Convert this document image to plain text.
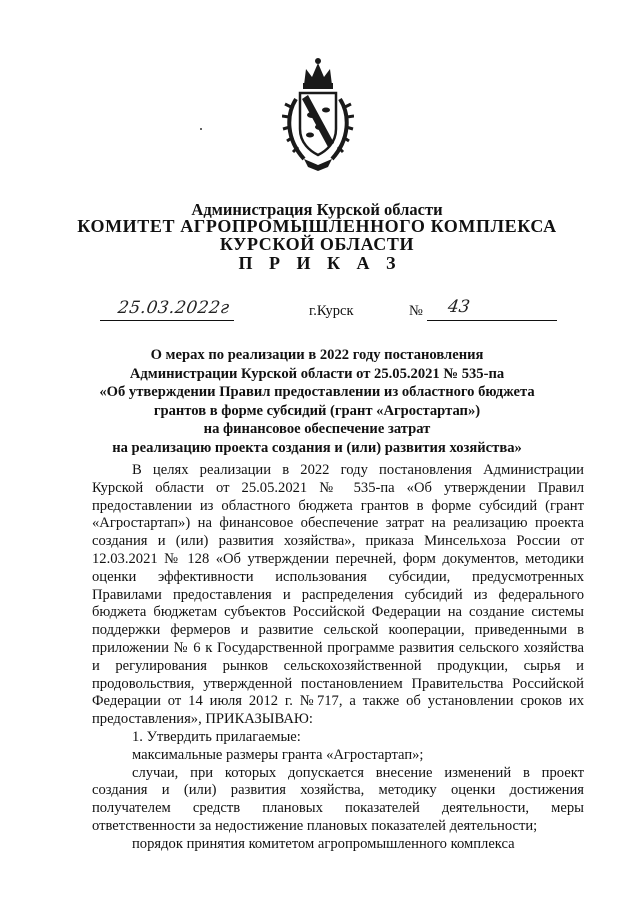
Администрация Курской области
КОМИТЕТ АГРОПРОМЫШЛЕННОГО КОМПЛЕКСА
КУРСКОЙ ОБЛАСТИ
П Р И К А З
25.03.2022г	г.Курск	№ 43
О мерах по реализации в 2022 году постановления
Администрации Курской области от 25.05.2021 № 535-па
«Об утверждении Правил предоставлении из областного бюджета
грантов в форме субсидий (грант «Агростартап»)
на финансовое обеспечение затрат
на реализацию проекта создания и (или) развития хозяйства»

В целях реализации в 2022 году постановления Администрации Курской области от 25.05.2021 № 535-па «Об утверждении Правил предоставлении из областного бюджета грантов в форме субсидий (грант «Агростартап») на финансовое обеспечение затрат на реализацию проекта создания и (или) развития хозяйства», приказа Минсельхоза России от 12.03.2021 № 128 «Об утверждении перечней, форм документов, методики оценки эффективности использования субсидии, предусмотренных Правилами предоставления и распределения субсидий из федерального бюджета бюджетам субъектов Российской Федерации на создание системы поддержки фермеров и развитие сельской кооперации, приведенными в приложении № 6 к Государственной программе развития сельского хозяйства и регулирования рынков сельскохозяйственной продукции, сырья и продовольствия, утвержденной постановлением Правительства Российской Федерации от 14 июля 2012 г. №717, а также об установлении сроков их предоставления», ПРИКАЗЫВАЮ:

1. Утвердить прилагаемые:

максимальные размеры гранта «Агростартап»;

случаи, при которых допускается внесение изменений в проект создания и (или) развития хозяйства, методику оценки достижения получателем средств плановых показателей деятельности, меры ответственности за недостижение плановых показателей деятельности;

порядок принятия комитетом агропромышленного комплекса
